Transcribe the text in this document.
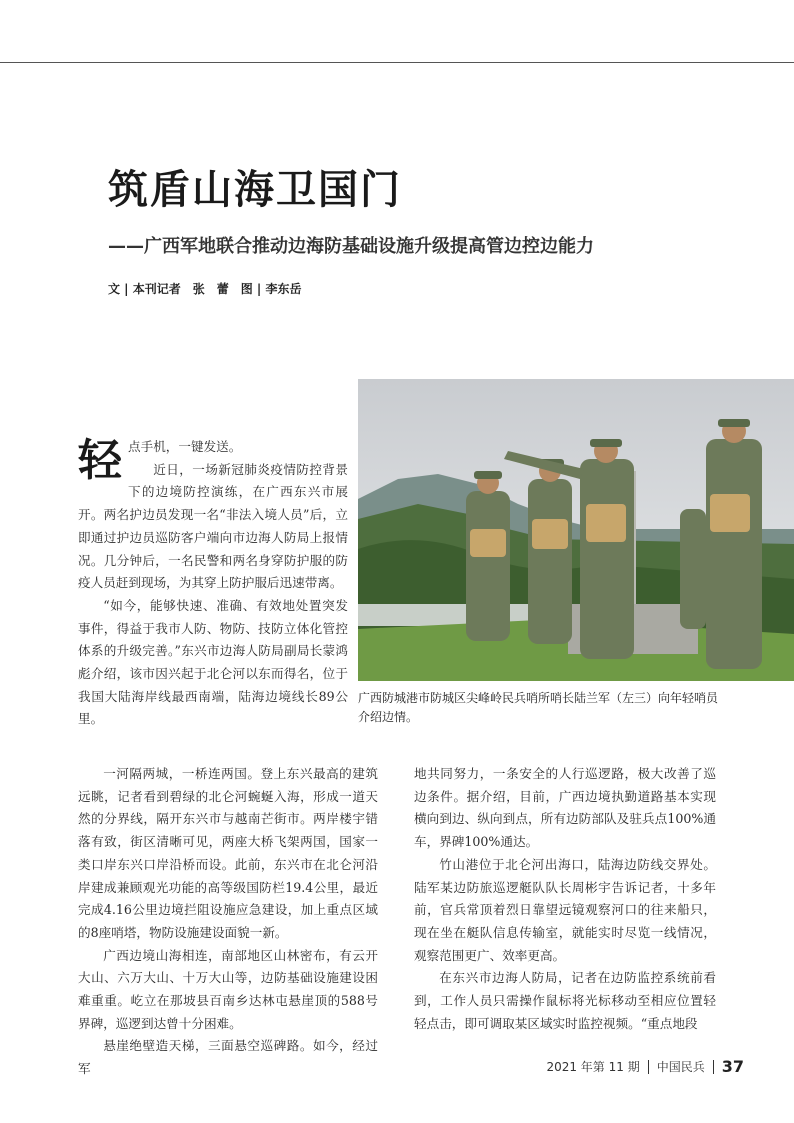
筑盾山海卫国门
——广西军地联合推动边海防基础设施升级提高管边控边能力
文 | 本刊记者　张　蕾　图 | 李东岳

广西防城港市防城区尖峰岭民兵哨所哨长陆兰军（左三）向年轻哨员介绍边情。

轻 点手机，一键发送。

近日，一场新冠肺炎疫情防控背景下的边境防控演练，在广西东兴市展开。两名护边员发现一名“非法入境人员”后，立即通过护边员巡防客户端向市边海人防局上报情况。几分钟后，一名民警和两名身穿防护服的防疫人员赶到现场，为其穿上防护服后迅速带离。

“如今，能够快速、准确、有效地处置突发事件，得益于我市人防、物防、技防立体化管控体系的升级完善。”东兴市边海人防局副局长蒙鸿彪介绍，该市因兴起于北仑河以东而得名，位于我国大陆海岸线最西南端，陆海边境线长89公里。

一河隔两城，一桥连两国。登上东兴最高的建筑远眺，记者看到碧绿的北仑河蜿蜒入海，形成一道天然的分界线，隔开东兴市与越南芒街市。两岸楼宇错落有致，街区清晰可见，两座大桥飞架两国，国家一类口岸东兴口岸沿桥而设。此前，东兴市在北仑河沿岸建成兼顾观光功能的高等级国防栏19.4公里，最近完成4.16公里边境拦阻设施应急建设，加上重点区域的8座哨塔，物防设施建设面貌一新。

广西边境山海相连，南部地区山林密布，有云开大山、六万大山、十万大山等，边防基础设施建设困难重重。屹立在那坡县百南乡达林屯悬崖顶的588号界碑，巡逻到达曾十分困难。

悬崖绝壁造天梯，三面悬空巡碑路。如今，经过军

地共同努力，一条安全的人行巡逻路，极大改善了巡边条件。据介绍，目前，广西边境执勤道路基本实现横向到边、纵向到点，所有边防部队及驻兵点100%通车，界碑100%通达。

竹山港位于北仑河出海口，陆海边防线交界处。陆军某边防旅巡逻艇队队长周彬宇告诉记者，十多年前，官兵常顶着烈日靠望远镜观察河口的往来船只，现在坐在艇队信息传输室，就能实时尽览一线情况，观察范围更广、效率更高。

在东兴市边海人防局，记者在边防监控系统前看到，工作人员只需操作鼠标将光标移动至相应位置轻轻点击，即可调取某区域实时监控视频。“重点地段

2021 年第 11 期 中国民兵 37
